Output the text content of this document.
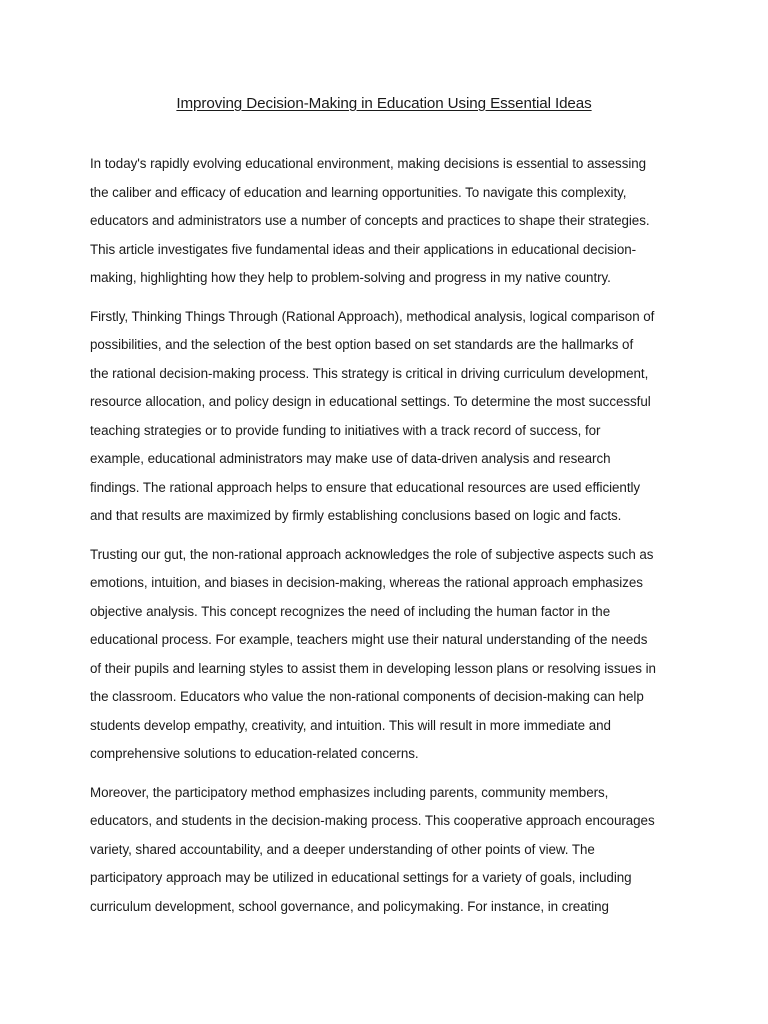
Improving Decision-Making in Education Using Essential Ideas

In today's rapidly evolving educational environment, making decisions is essential to assessing
the caliber and efficacy of education and learning opportunities. To navigate this complexity,
educators and administrators use a number of concepts and practices to shape their strategies.
This article investigates five fundamental ideas and their applications in educational decision-
making, highlighting how they help to problem-solving and progress in my native country.

Firstly, Thinking Things Through (Rational Approach), methodical analysis, logical comparison of
possibilities, and the selection of the best option based on set standards are the hallmarks of
the rational decision-making process. This strategy is critical in driving curriculum development,
resource allocation, and policy design in educational settings. To determine the most successful
teaching strategies or to provide funding to initiatives with a track record of success, for
example, educational administrators may make use of data-driven analysis and research
findings. The rational approach helps to ensure that educational resources are used efficiently
and that results are maximized by firmly establishing conclusions based on logic and facts.

Trusting our gut, the non-rational approach acknowledges the role of subjective aspects such as
emotions, intuition, and biases in decision-making, whereas the rational approach emphasizes
objective analysis. This concept recognizes the need of including the human factor in the
educational process. For example, teachers might use their natural understanding of the needs
of their pupils and learning styles to assist them in developing lesson plans or resolving issues in
the classroom. Educators who value the non-rational components of decision-making can help
students develop empathy, creativity, and intuition. This will result in more immediate and
comprehensive solutions to education-related concerns.

Moreover, the participatory method emphasizes including parents, community members,
educators, and students in the decision-making process. This cooperative approach encourages
variety, shared accountability, and a deeper understanding of other points of view. The
participatory approach may be utilized in educational settings for a variety of goals, including
curriculum development, school governance, and policymaking. For instance, in creating
